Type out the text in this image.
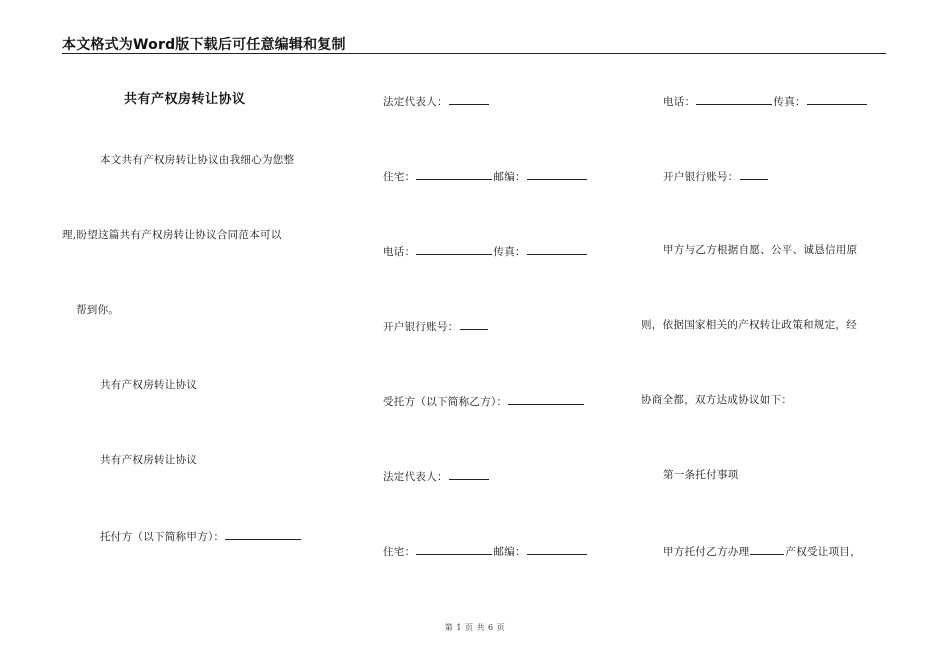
本文格式为Word版下载后可任意编辑和复制
共有产权房转让协议
本文共有产权房转让协议由我细心为您整
理,盼望这篇共有产权房转让协议合同范本可以
帮到你。
共有产权房转让协议
共有产权房转让协议
托付方（以下简称甲方）：
法定代表人：
住宅：	邮编：
电话：	传真：
开户银行账号：
受托方（以下简称乙方）：
法定代表人：
住宅：	邮编：
电话：	传真：
开户银行账号：
甲方与乙方根据自愿、公平、诚恳信用原
则，依据国家相关的产权转让政策和规定，经
协商全都，双方达成协议如下：
第一条托付事项
甲方托付乙方办理	产权受让项目，
第 1 页 共 6 页
